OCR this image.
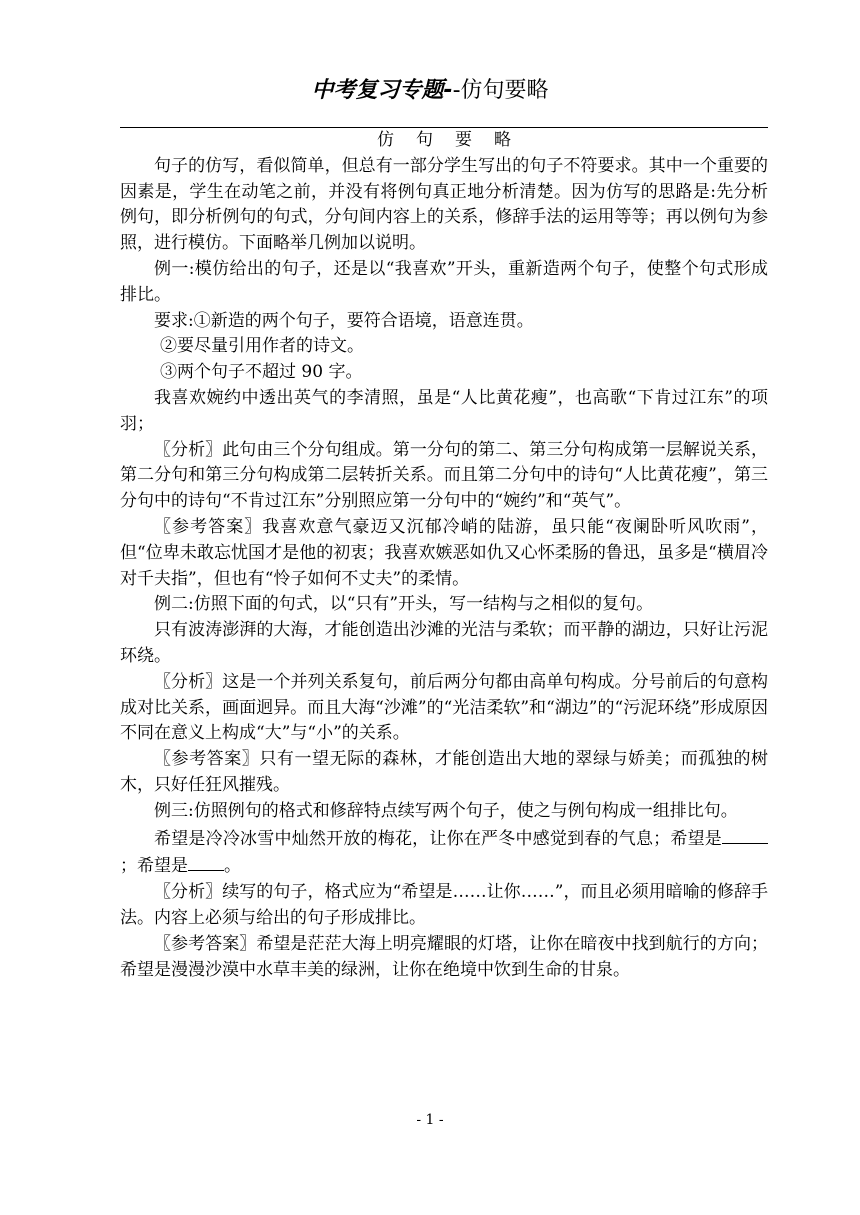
中考复习专题--仿句要略

仿句要略

句子的仿写，看似简单，但总有一部分学生写出的句子不符要求。其中一个重要的因素是，学生在动笔之前，并没有将例句真正地分析清楚。因为仿写的思路是:先分析例句，即分析例句的句式，分句间内容上的关系，修辞手法的运用等等；再以例句为参照，进行模仿。下面略举几例加以说明。

例一:模仿给出的句子，还是以“我喜欢”开头，重新造两个句子，使整个句式形成排比。

要求:①新造的两个句子，要符合语境，语意连贯。

②要尽量引用作者的诗文。

③两个句子不超过 90 字。

我喜欢婉约中透出英气的李清照，虽是“人比黄花瘦”，也高歌“下肯过江东”的项羽；

〖分析〗此句由三个分句组成。第一分句的第二、第三分句构成第一层解说关系，第二分句和第三分句构成第二层转折关系。而且第二分句中的诗句“人比黄花瘦”，第三分句中的诗句“不肯过江东”分别照应第一分句中的“婉约”和“英气”。

〖参考答案〗我喜欢意气豪迈又沉郁冷峭的陆游，虽只能“夜阑卧听风吹雨”，但“位卑未敢忘忧国才是他的初衷；我喜欢嫉恶如仇又心怀柔肠的鲁迅，虽多是“横眉冷对千夫指”，但也有“怜子如何不丈夫”的柔情。

例二:仿照下面的句式，以“只有”开头，写一结构与之相似的复句。

只有波涛澎湃的大海，才能创造出沙滩的光洁与柔软；而平静的湖边，只好让污泥环绕。

〖分析〗这是一个并列关系复句，前后两分句都由高单句构成。分号前后的句意构成对比关系，画面迥异。而且大海“沙滩”的“光洁柔软”和“湖边”的“污泥环绕”形成原因不同在意义上构成“大”与“小”的关系。

〖参考答案〗只有一望无际的森林，才能创造出大地的翠绿与娇美；而孤独的树木，只好任狂风摧残。

例三:仿照例句的格式和修辞特点续写两个句子，使之与例句构成一组排比句。

希望是冷冷冰雪中灿然开放的梅花，让你在严冬中感觉到春的气息；希望是；希望是 。

〖分析〗续写的句子，格式应为“希望是……让你……”，而且必须用暗喻的修辞手法。内容上必须与给出的句子形成排比。

〖参考答案〗希望是茫茫大海上明亮耀眼的灯塔，让你在暗夜中找到航行的方向；希望是漫漫沙漠中水草丰美的绿洲，让你在绝境中饮到生命的甘泉。

- 1 -
